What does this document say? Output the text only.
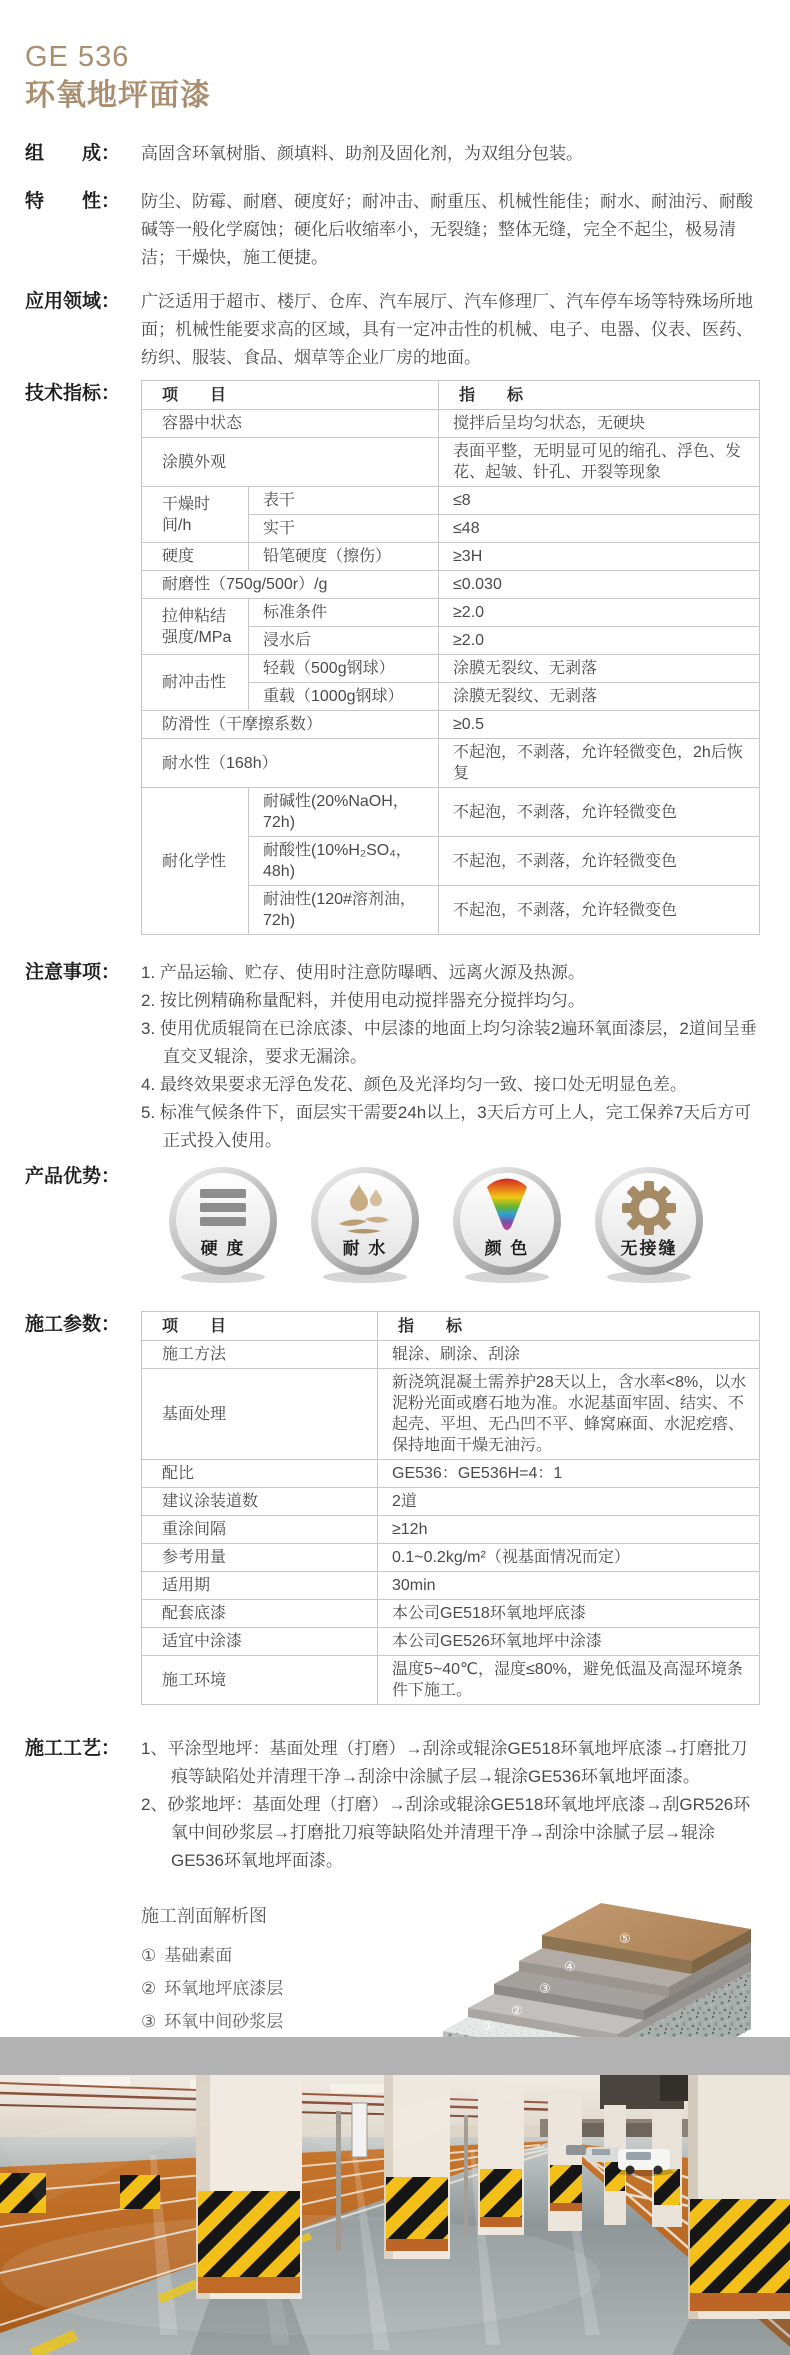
GE 536
环氧地坪面漆
组　　成：	高固含环氧树脂、颜填料、助剂及固化剂，为双组分包装。
特　　性：	防尘、防霉、耐磨、硬度好；耐冲击、耐重压、机械性能佳；耐水、耐油污、耐酸碱等一般化学腐蚀；硬化后收缩率小，无裂缝；整体无缝，完全不起尘，极易清洁；干燥快，施工便捷。
应用领域：	广泛适用于超市、楼厅、仓库、汽车展厅、汽车修理厂、汽车停车场等特殊场所地面；机械性能要求高的区域，具有一定冲击性的机械、电子、电器、仪表、医药、纺织、服装、食品、烟草等企业厂房的地面。
技术指标：	项　　目		指　　标
容器中状态		搅拌后呈均匀状态，无硬块
涂膜外观		表面平整，无明显可见的缩孔、浮色、发花、起皱、针孔、开裂等现象
干燥时间/h	表干	≤8
	实干	≤48
硬度	铅笔硬度（擦伤）	≥3H
耐磨性（750g/500r）/g		≤0.030
拉伸粘结强度/MPa	标准条件	≥2.0
	浸水后	≥2.0
耐冲击性	轻载（500g钢球）	涂膜无裂纹、无剥落
	重载（1000g钢球）	涂膜无裂纹、无剥落
防滑性（干摩擦系数）		≥0.5
耐水性（168h）		不起泡，不剥落，允许轻微变色，2h后恢复
耐化学性	耐碱性(20%NaOH，72h)	不起泡，不剥落，允许轻微变色
	耐酸性(10%H₂SO₄，48h)	不起泡，不剥落，允许轻微变色
	耐油性(120#溶剂油，72h)	不起泡，不剥落，允许轻微变色
注意事项：	1. 产品运输、贮存、使用时注意防曝晒、远离火源及热源。
2. 按比例精确称量配料，并使用电动搅拌器充分搅拌均匀。
3. 使用优质辊筒在已涂底漆、中层漆的地面上均匀涂装2遍环氧面漆层，2道间呈垂直交叉辊涂，要求无漏涂。
4. 最终效果要求无浮色发花、颜色及光泽均匀一致、接口处无明显色差。
5. 标准气候条件下，面层实干需要24h以上，3天后方可上人，完工保养7天后方可正式投入使用。
产品优势：
硬 度	耐 水	颜 色	无接缝
施工参数：	项　　目	指　　标
施工方法	辊涂、刷涂、刮涂
基面处理	新浇筑混凝土需养护28天以上，含水率<8%，以水泥粉光面或磨石地为准。水泥基面牢固、结实、不起壳、平坦、无凸凹不平、蜂窝麻面、水泥疙瘩、保持地面干燥无油污。
配比	GE536：GE536H=4：1
建议涂装道数	2道
重涂间隔	≥12h
参考用量	0.1~0.2kg/m²（视基面情况而定）
适用期	30min
配套底漆	本公司GE518环氧地坪底漆
适宜中涂漆	本公司GE526环氧地坪中涂漆
施工环境	温度5~40℃，湿度≤80%，避免低温及高湿环境条件下施工。
施工工艺：	1、平涂型地坪：基面处理（打磨）→刮涂或辊涂GE518环氧地坪底漆→打磨批刀痕等缺陷处并清理干净→刮涂中涂腻子层→辊涂GE536环氧地坪面漆。
2、砂浆地坪：基面处理（打磨）→刮涂或辊涂GE518环氧地坪底漆→刮GR526环氧中间砂浆层→打磨批刀痕等缺陷处并清理干净→刮涂中涂腻子层→辊涂GE536环氧地坪面漆。
施工剖面解析图
① 基础素面
② 环氧地坪底漆层
③ 环氧中间砂浆层	①
②
③
④
⑤
